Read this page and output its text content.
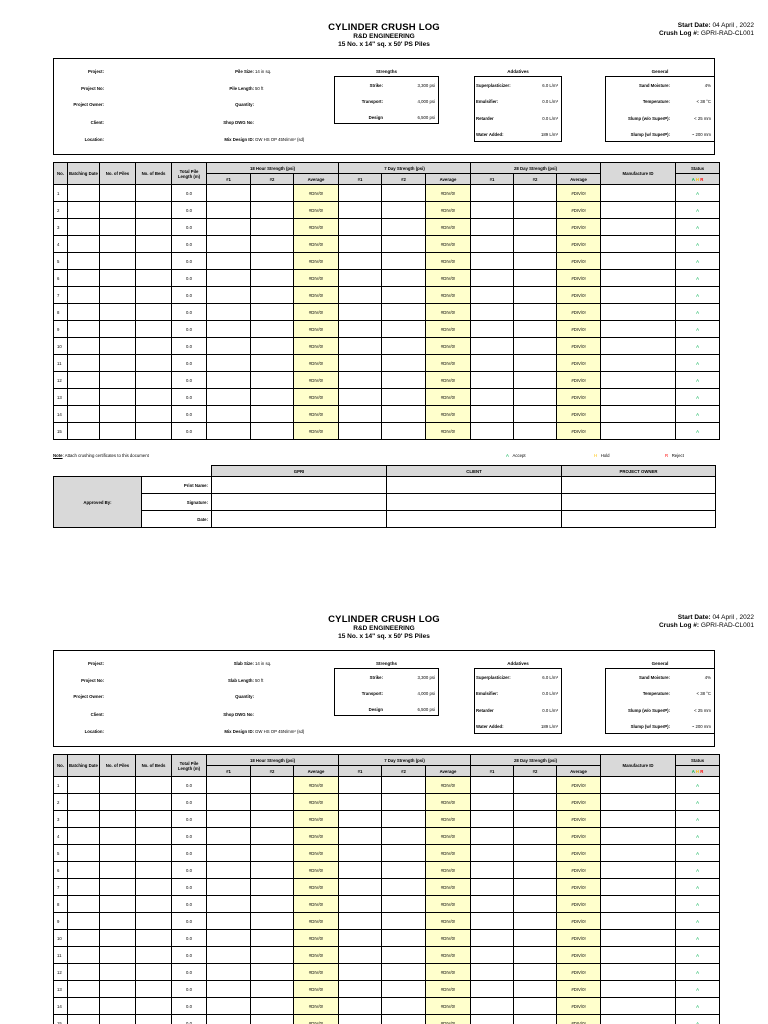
CYLINDER CRUSH LOG
R&D ENGINEERING
15 No. x 14" sq. x 50' PS Piles
Start Date: 04 April , 2022
Crush Log #: GPRI-RAD-CL001
Project:
Project No:
Project Owner:
Client:
Location:
Pile Size: 14 in sq.
Pile Length: 50 ft
Quantity:
Shop DWG No:
Mix Design ID: GW HS OP 45N/mm² (sd)
Strengths
Strike:	3,300 psi
Transport:	4,000 psi
Design	6,500 psi
Addatives
Superplasticizer:	6.0 L/m³
Emulsifier:	0.0 L/m³
Retarder	0.0 L/m³
Water Added:	189 L/m³
General
Sand Moisture:	4%
Temperature:	< 38 °C
Slump (w/o SuperP):	< 25 mm
Slump (w/ SuperP):	~ 200 mm
No.	Batching Date	No. of Piles	No. of Beds	Total Pile Length (m)	18 Hour Strength (psi)			7 Day Strength (psi)			28 Day Strength (psi)			Manufacture ID	Status
					#1	#2	Average	#1	#2	Average	#1	#2	Average		A H R
1				0.0			#DIV/0!			#DIV/0!			#DIV/0!		A
2				0.0			#DIV/0!			#DIV/0!			#DIV/0!		A
3				0.0			#DIV/0!			#DIV/0!			#DIV/0!		A
4				0.0			#DIV/0!			#DIV/0!			#DIV/0!		A
5				0.0			#DIV/0!			#DIV/0!			#DIV/0!		A
6				0.0			#DIV/0!			#DIV/0!			#DIV/0!		A
7				0.0			#DIV/0!			#DIV/0!			#DIV/0!		A
8				0.0			#DIV/0!			#DIV/0!			#DIV/0!		A
9				0.0			#DIV/0!			#DIV/0!			#DIV/0!		A
10				0.0			#DIV/0!			#DIV/0!			#DIV/0!		A
11				0.0			#DIV/0!			#DIV/0!			#DIV/0!		A
12				0.0			#DIV/0!			#DIV/0!			#DIV/0!		A
13				0.0			#DIV/0!			#DIV/0!			#DIV/0!		A
14				0.0			#DIV/0!			#DIV/0!			#DIV/0!		A
15				0.0			#DIV/0!			#DIV/0!			#DIV/0!		A
Note: Attach crushing certificates to this document	A Accept	H Hold	R Reject
		GPRI	CLIENT	PROJECT OWNER
Approved By:	Print Name:			
	Signature:			
	Date:			
CYLINDER CRUSH LOG
R&D ENGINEERING
15 No. x 14" sq. x 50' PS Piles
Start Date: 04 April , 2022
Crush Log #: GPRI-RAD-CL001
Project:
Project No:
Project Owner:
Client:
Location:
Slab Size: 14 in sq.
Slab Length: 50 ft
Quantity:
Shop DWG No:
Mix Design ID: GW HS OP 45N/mm² (sd)
Strengths
Strike:	3,300 psi
Transport:	4,000 psi
Design	6,500 psi
Addatives
Superplasticizer:	6.0 L/m³
Emulsifier:	0.0 L/m³
Retarder	0.0 L/m³
Water Added:	189 L/m³
General
Sand Moisture:	4%
Temperature:	< 38 °C
Slump (w/o SuperP):	< 25 mm
Slump (w/ SuperP):	~ 200 mm
No.	Batching Date	No. of Piles	No. of Beds	Total Pile Length (m)	18 Hour Strength (psi)			7 Day Strength (psi)			28 Day Strength (psi)			Manufacture ID	Status
					#1	#2	Average	#1	#2	Average	#1	#2	Average		A H R
1				0.0			#DIV/0!			#DIV/0!			#DIV/0!		A
2				0.0			#DIV/0!			#DIV/0!			#DIV/0!		A
3				0.0			#DIV/0!			#DIV/0!			#DIV/0!		A
4				0.0			#DIV/0!			#DIV/0!			#DIV/0!		A
5				0.0			#DIV/0!			#DIV/0!			#DIV/0!		A
6				0.0			#DIV/0!			#DIV/0!			#DIV/0!		A
7				0.0			#DIV/0!			#DIV/0!			#DIV/0!		A
8				0.0			#DIV/0!			#DIV/0!			#DIV/0!		A
9				0.0			#DIV/0!			#DIV/0!			#DIV/0!		A
10				0.0			#DIV/0!			#DIV/0!			#DIV/0!		A
11				0.0			#DIV/0!			#DIV/0!			#DIV/0!		A
12				0.0			#DIV/0!			#DIV/0!			#DIV/0!		A
13				0.0			#DIV/0!			#DIV/0!			#DIV/0!		A
14				0.0			#DIV/0!			#DIV/0!			#DIV/0!		A
15				0.0			#DIV/0!			#DIV/0!			#DIV/0!		A
